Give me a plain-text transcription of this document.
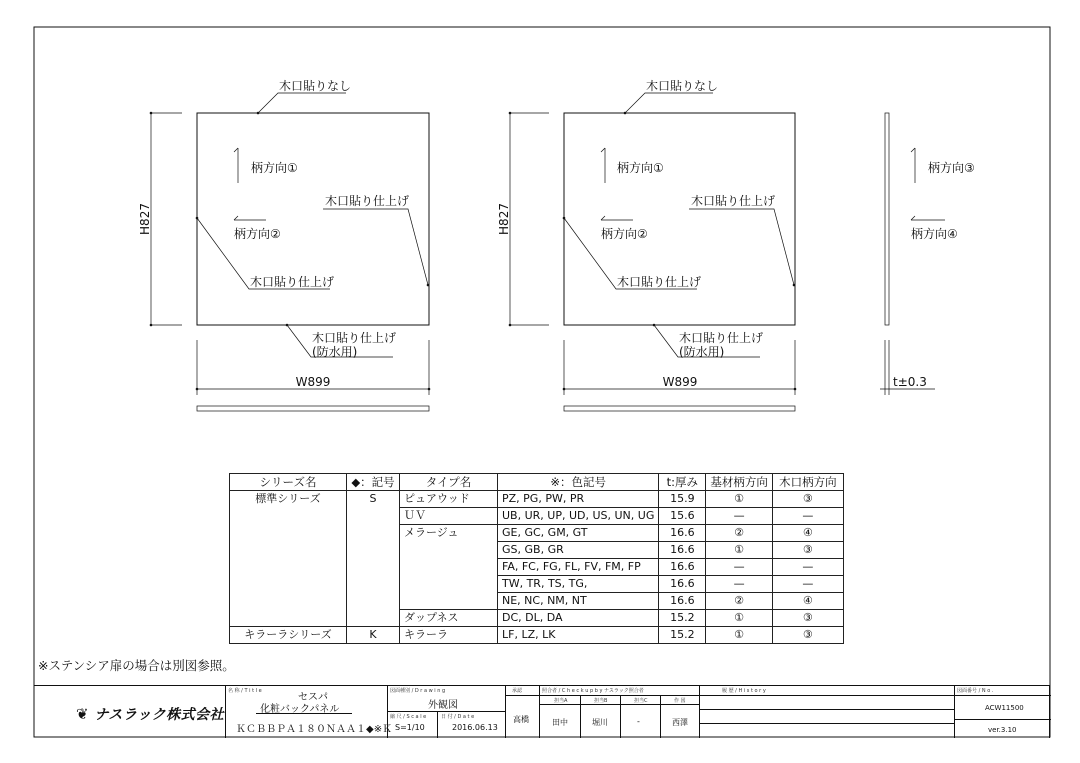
H827
W899
木口貼りなし
木口貼り仕上げ
木口貼り仕上げ
木口貼り仕上げ
(防水用)
柄方向①
柄方向②	H827
W899
木口貼りなし
木口貼り仕上げ
木口貼り仕上げ
木口貼り仕上げ
(防水用)
柄方向①
柄方向②
t±0.3
柄方向③
柄方向④
シリーズ名	◆：記号	タイプ名	※：色記号	t:厚み	基材柄方向	木口柄方向
標準シリーズ	S	ピュアウッド	PZ, PG, PW, PR	15.9	①	③
		ＵＶ	UB, UR, UP, UD, US, UN, UG	15.6	—	—
		メラージュ	GE, GC, GM, GT	16.6	②	④
			GS, GB, GR	16.6	①	③
			FA, FC, FG, FL, FV, FM, FP	16.6	—	—
			TW, TR, TS, TG,	16.6	—	—
			NE, NC, NM, NT	16.6	②	④
		ダップネス	DC, DL, DA	15.2	①	③
キラーラシリーズ	K	キラーラ	LF, LZ, LK	15.2	①	③
※ステンシア扉の場合は別図参照。
❦ ナスラック株式会社
名 称 / T i t l e
セスパ
化粧バックパネル
ＫＣＢＢＰＡ１８０ＮＡＡ１◆※Ｋ
図面種別 / D r a w i n g
外観図
縮 尺 / S c a l e
S=1/10
日 付 / D a t e
2016.06.13
承認
高橋
照合者 / C h e c k u p b y ナスラック照合者
担当A	担当B	担当C	作 図
田中	堀川	-	西澤
履 歴 / H i s t o r y	図面番号 / N o .
ACW11500
ver.3.10
